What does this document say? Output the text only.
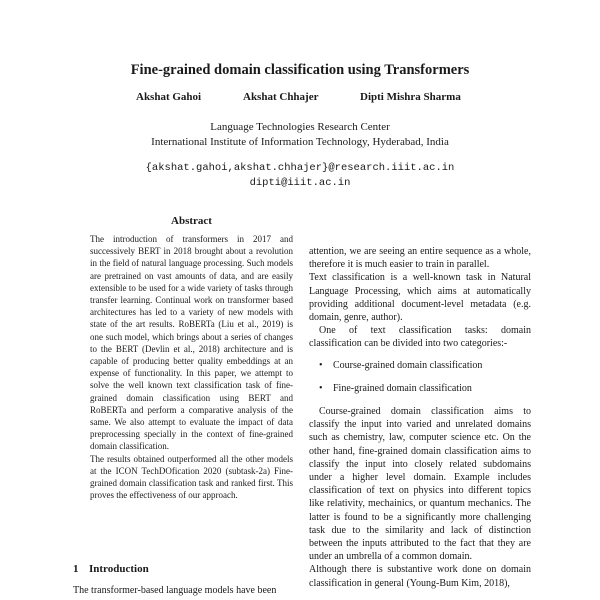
Fine-grained domain classification using Transformers
Akshat Gahoi	Akshat Chhajer	Dipti Mishra Sharma
Language Technologies Research Center
International Institute of Information Technology, Hyderabad, India
{akshat.gahoi,akshat.chhajer}@research.iiit.ac.in
dipti@iiit.ac.in
Abstract

The introduction of transformers in 2017 and successively BERT in 2018 brought about a revolution in the field of natural language processing. Such models are pretrained on vast amounts of data, and are easily extensible to be used for a wide variety of tasks through transfer learning. Continual work on transformer based architectures has led to a variety of new models with state of the art results. RoBERTa (Liu et al., 2019) is one such model, which brings about a series of changes to the BERT (Devlin et al., 2018) architecture and is capable of producing better quality embeddings at an expense of functionality. In this paper, we attempt to solve the well known text classification task of fine-grained domain classification using BERT and RoBERTa and perform a comparative analysis of the same. We also attempt to evaluate the impact of data preprocessing specially in the context of fine-grained domain classification.

The results obtained outperformed all the other models at the ICON TechDOfication 2020 (subtask-2a) Fine-grained domain classification task and ranked first. This proves the effectiveness of our approach.

1 Introduction
The transformer-based language models have been

attention, we are seeing an entire sequence as a whole, therefore it is much easier to train in parallel.

Text classification is a well-known task in Natural Language Processing, which aims at automatically providing additional document-level metadata (e.g. domain, genre, author).

One of text classification tasks: domain classification can be divided into two categories:-

•	Course-grained domain classification
•	Fine-grained domain classification

Course-grained domain classification aims to classify the input into varied and unrelated domains such as chemistry, law, computer science etc. On the other hand, fine-grained domain classification aims to classify the input into closely related subdomains under a higher level domain. Example includes classification of text on physics into different topics like relativity, mechainics, or quantum mechanics. The latter is found to be a significantly more challenging task due to the similarity and lack of distinction between the inputs attributed to the fact that they are under an umbrella of a common domain.

Although there is substantive work done on domain classification in general (Young-Bum Kim, 2018),
